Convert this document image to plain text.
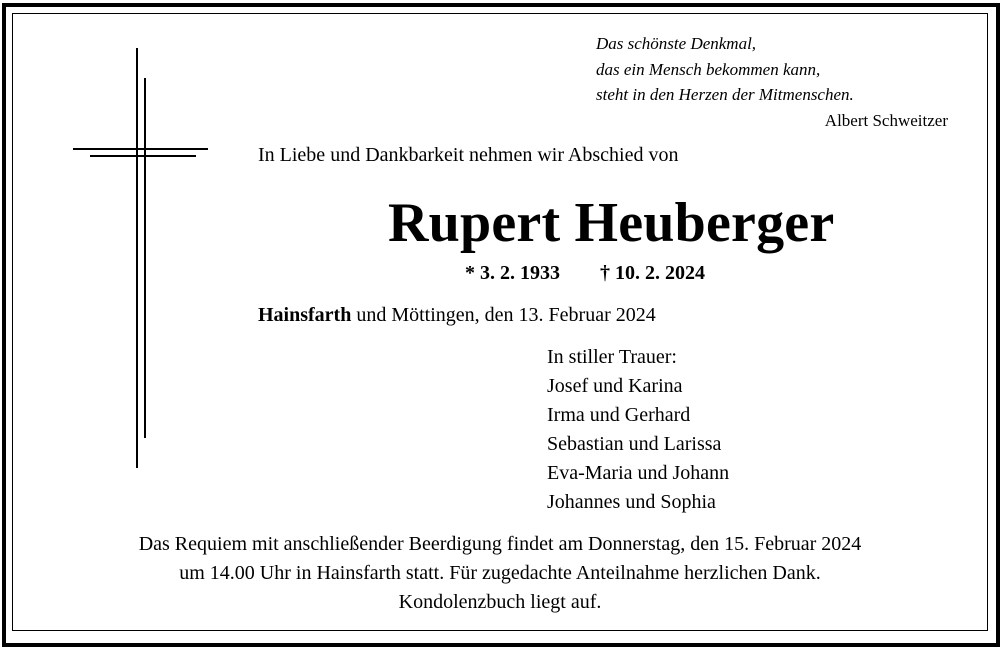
Das schönste Denkmal,
das ein Mensch bekommen kann,
steht in den Herzen der Mitmenschen.
Albert Schweitzer
In Liebe und Dankbarkeit nehmen wir Abschied von
Rupert Heuberger
* 3. 2. 1933 † 10. 2. 2024
Hainsfarth und Möttingen, den 13. Februar 2024
In stiller Trauer:
Josef und Karina
Irma und Gerhard
Sebastian und Larissa
Eva-Maria und Johann
Johannes und Sophia
Das Requiem mit anschließender Beerdigung findet am Donnerstag, den 15. Februar 2024
um 14.00 Uhr in Hainsfarth statt. Für zugedachte Anteilnahme herzlichen Dank.
Kondolenzbuch liegt auf.
